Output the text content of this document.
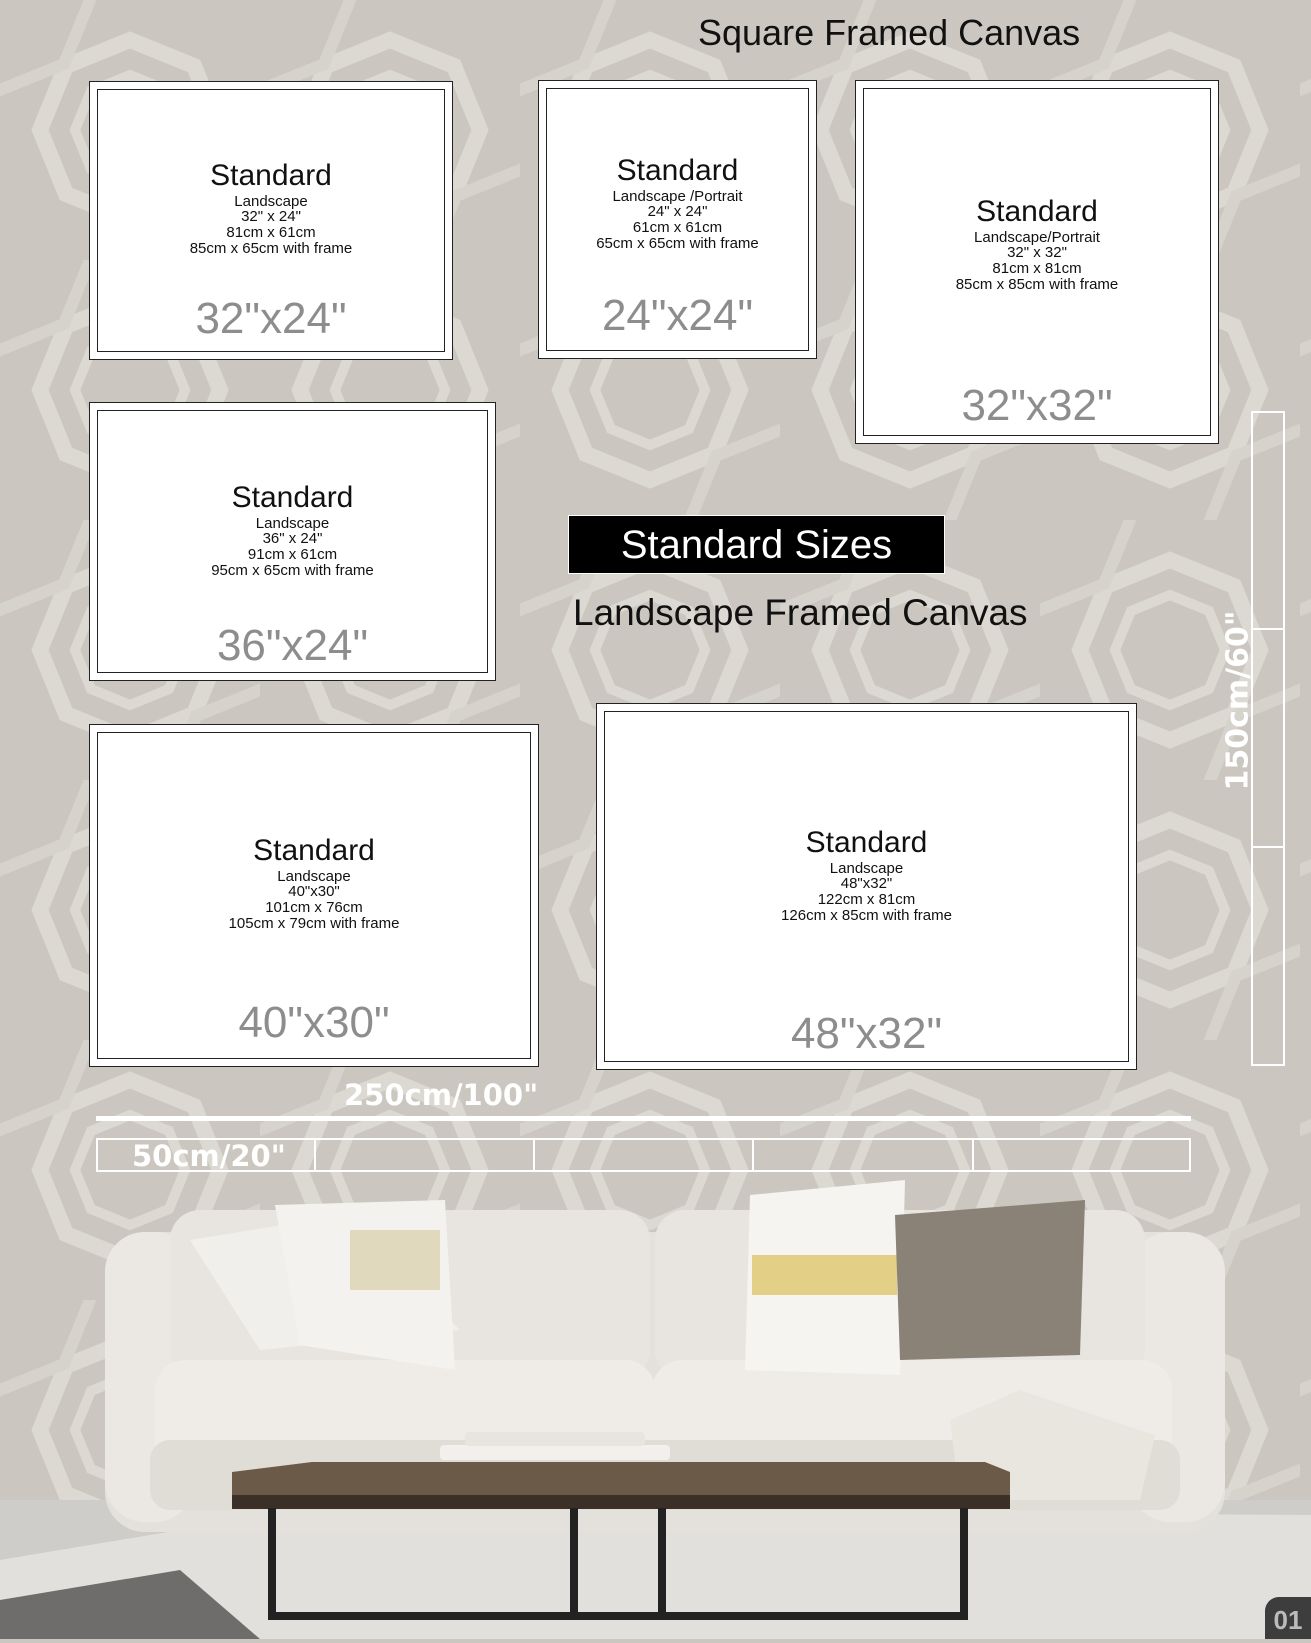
Square Framed Canvas
Standard
Landscape
32" x 24"
81cm x 61cm
85cm x 65cm with frame
32"x24"
Standard
Landscape /Portrait
24" x 24"
61cm x 61cm
65cm x 65cm with frame
24"x24"
Standard
Landscape/Portrait
32" x 32"
81cm x 81cm
85cm x 85cm with frame
32"x32"
Standard
Landscape
36" x 24"
91cm x 61cm
95cm x 65cm with frame
36"x24"
Standard Sizes
Landscape Framed Canvas
Standard
Landscape
40"x30"
101cm x 76cm
105cm x 79cm with frame
40"x30"
Standard
Landscape
48"x32"
122cm x 81cm
126cm x 85cm with frame
48"x32"
250cm/100"
50cm/20"
150cm/60"
01
